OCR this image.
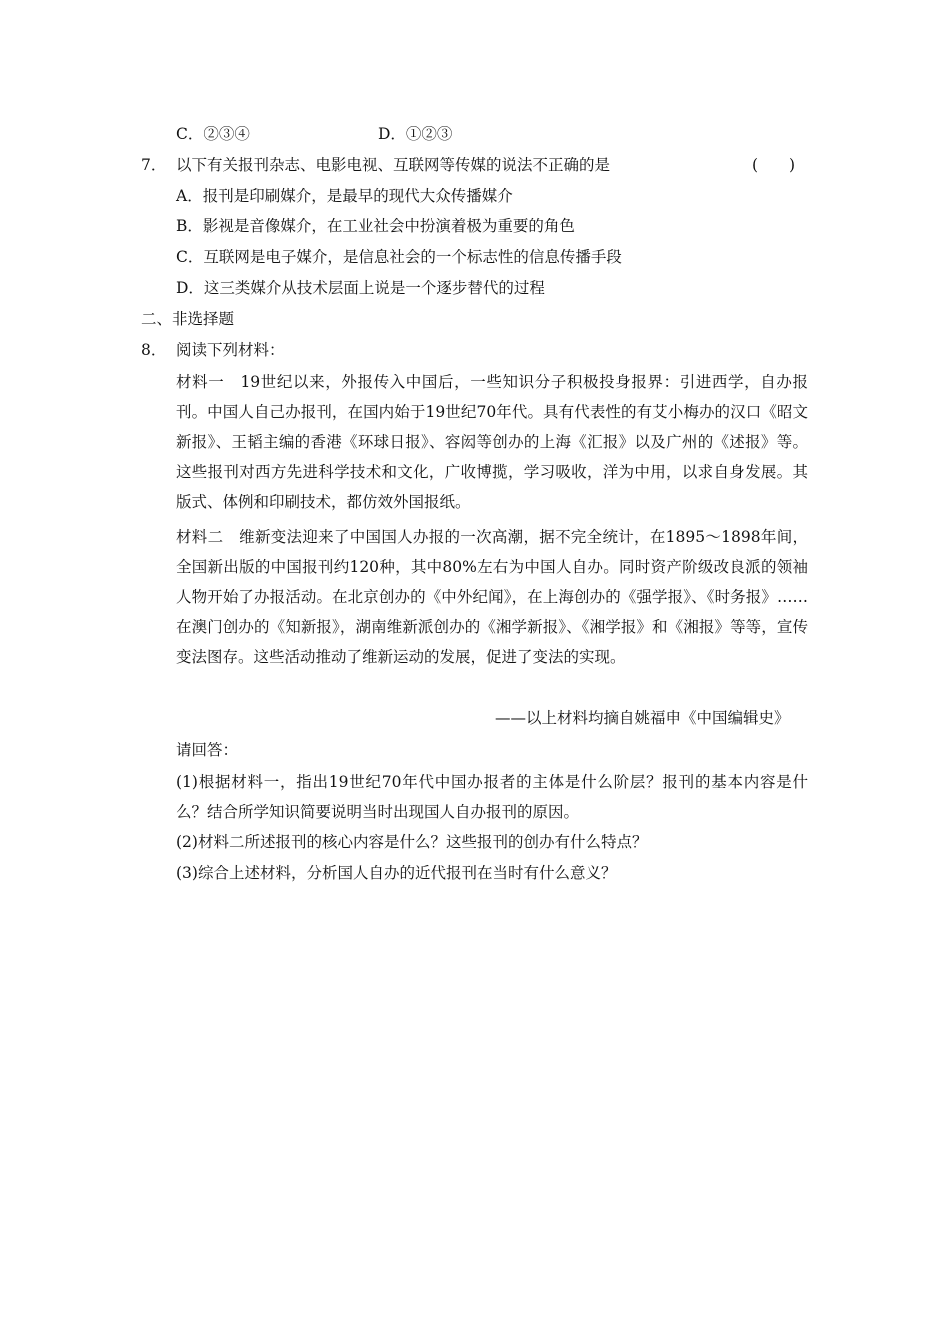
C．②③④	D．①②③
7． 以下有关报刊杂志、电影电视、互联网等传媒的说法不正确的是	(　　)
A．报刊是印刷媒介，是最早的现代大众传播媒介
B．影视是音像媒介，在工业社会中扮演着极为重要的角色
C．互联网是电子媒介，是信息社会的一个标志性的信息传播手段
D．这三类媒介从技术层面上说是一个逐步替代的过程
二、非选择题
8． 阅读下列材料：
材料一　19世纪以来，外报传入中国后，一些知识分子积极投身报界：引进西学，自办报刊。中国人自己办报刊，在国内始于19世纪70年代。具有代表性的有艾小梅办的汉口《昭文新报》、王韬主编的香港《环球日报》、容闳等创办的上海《汇报》以及广州的《述报》等。这些报刊对西方先进科学技术和文化，广收博揽，学习吸收，洋为中用，以求自身发展。其版式、体例和印刷技术，都仿效外国报纸。
材料二　维新变法迎来了中国国人办报的一次高潮，据不完全统计，在1895～1898年间，全国新出版的中国报刊约120种，其中80%左右为中国人自办。同时资产阶级改良派的领袖人物开始了办报活动。在北京创办的《中外纪闻》，在上海创办的《强学报》、《时务报》……在澳门创办的《知新报》，湖南维新派创办的《湘学新报》、《湘学报》和《湘报》等等，宣传变法图存。这些活动推动了维新运动的发展，促进了变法的实现。
——以上材料均摘自姚福申《中国编辑史》
请回答：
(1)根据材料一，指出19世纪70年代中国办报者的主体是什么阶层？报刊的基本内容是什么？结合所学知识简要说明当时出现国人自办报刊的原因。
(2)材料二所述报刊的核心内容是什么？这些报刊的创办有什么特点？
(3)综合上述材料，分析国人自办的近代报刊在当时有什么意义？
